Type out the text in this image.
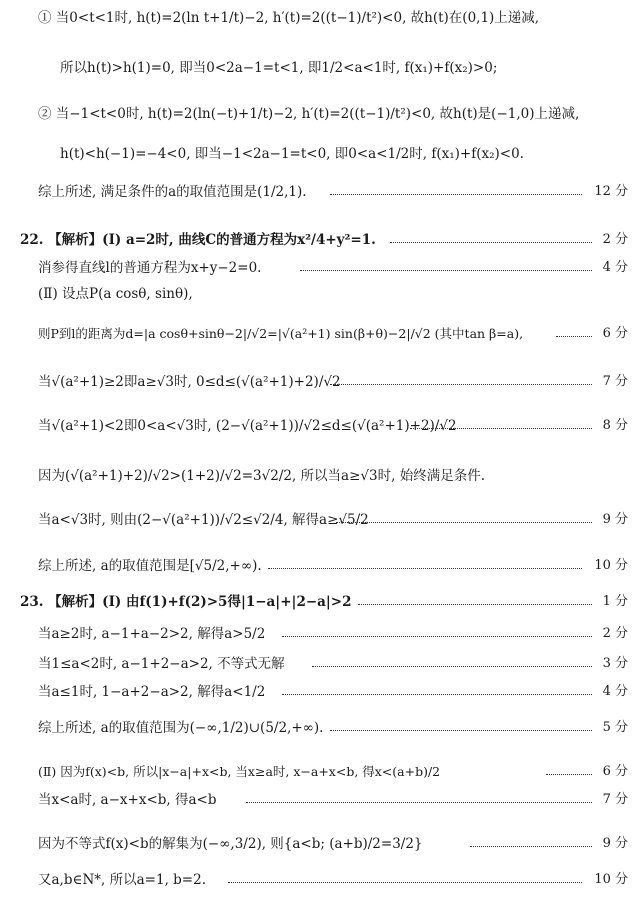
① 当0<t<1时, h(t)=2(ln t+1/t)−2, h′(t)=2((t−1)/t²)<0, 故h(t)在(0,1)上递减,
所以h(t)>h(1)=0, 即当0<2a−1=t<1, 即1/2<a<1时, f(x₁)+f(x₂)>0;
② 当−1<t<0时, h(t)=2(ln(−t)+1/t)−2, h′(t)=2((t−1)/t²)<0, 故h(t)是(−1,0)上递减,
h(t)<h(−1)=−4<0, 即当−1<2a−1=t<0, 即0<a<1/2时, f(x₁)+f(x₂)<0.
综上所述, 满足条件的a的取值范围是(1/2,1).	12 分
22. 【解析】(Ⅰ) a=2时, 曲线C的普通方程为x²/4+y²=1.	2 分
消参得直线l的普通方程为x+y−2=0.	4 分
(Ⅱ) 设点P(a cosθ, sinθ),
则P到l的距离为d=|a cosθ+sinθ−2|/√2=|√(a²+1) sin(β+θ)−2|/√2 (其中tan β=a),	6 分
当√(a²+1)≥2即a≥√3时, 0≤d≤(√(a²+1)+2)/√2	7 分
当√(a²+1)<2即0<a<√3时, (2−√(a²+1))/√2≤d≤(√(a²+1)+2)/√2	8 分
因为(√(a²+1)+2)/√2>(1+2)/√2=3√2/2, 所以当a≥√3时, 始终满足条件.
当a<√3时, 则由(2−√(a²+1))/√2≤√2/4, 解得a≥√5/2	9 分
综上所述, a的取值范围是[√5/2,+∞).	10 分
23. 【解析】(Ⅰ) 由f(1)+f(2)>5得|1−a|+|2−a|>2	1 分
当a≥2时, a−1+a−2>2, 解得a>5/2	2 分
当1≤a<2时, a−1+2−a>2, 不等式无解	3 分
当a≤1时, 1−a+2−a>2, 解得a<1/2	4 分
综上所述, a的取值范围为(−∞,1/2)∪(5/2,+∞).	5 分
(Ⅱ) 因为f(x)<b, 所以|x−a|+x<b, 当x≥a时, x−a+x<b, 得x<(a+b)/2	6 分
当x<a时, a−x+x<b, 得a<b	7 分
因为不等式f(x)<b的解集为(−∞,3/2), 则{a<b; (a+b)/2=3/2}	9 分
又a,b∈N*, 所以a=1, b=2.	10 分
